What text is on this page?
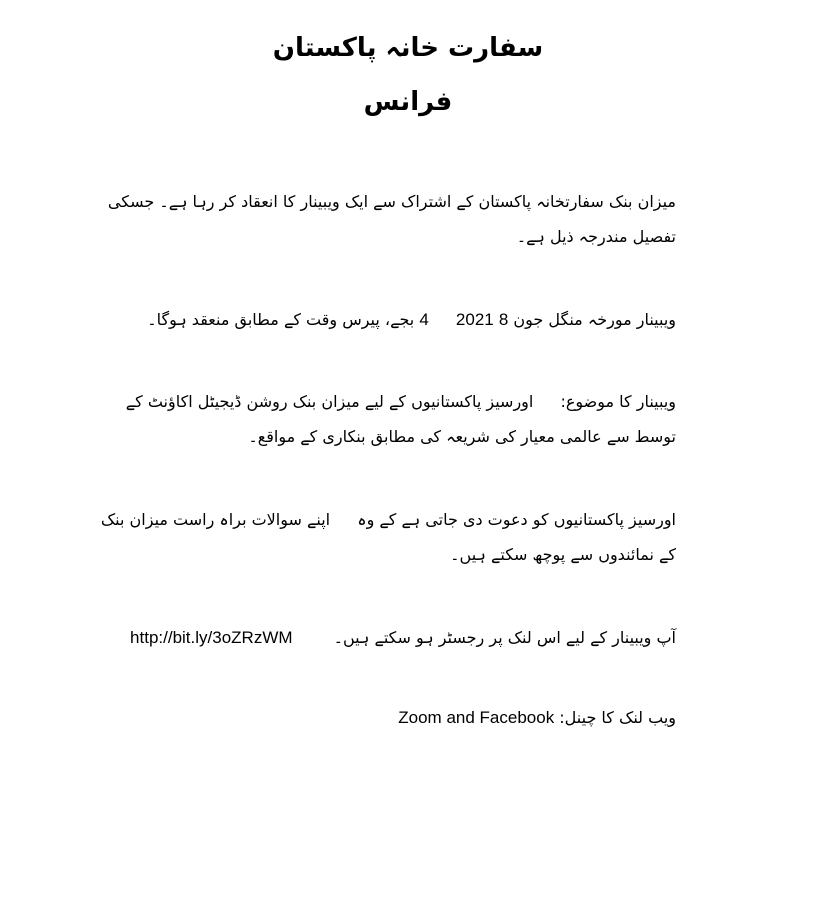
سفارت خانہ پاکستان
فرانس
میزان بنک سفارتخانہ پاکستان کے اشتراک سے ایک ویبینار کا انعقاد کر رہا ہے۔ جسکی تفصیل مندرجہ ذیل ہے۔
ویبینار مورخہ منگل جون 8 2021 4 بجے، پیرس وقت کے مطابق منعقد ہوگا۔
ویبینار کا موضوع: اورسیز پاکستانیوں کے لیے میزان بنک روشن ڈیجیٹل اکاؤنٹ کے توسط سے عالمی معیار کی شریعہ کی مطابق بنکاری کے مواقع۔
اورسیز پاکستانیوں کو دعوت دی جاتی ہے کے وہ اپنے سوالات براہ راست میزان بنک کے نمائندوں سے پوچھ سکتے ہیں۔
آپ ویبینار کے لیے اس لنک پر رجسٹر ہو سکتے ہیں۔ http://bit.ly/3oZRzWM
ویب لنک کا چینل: Zoom and Facebook
